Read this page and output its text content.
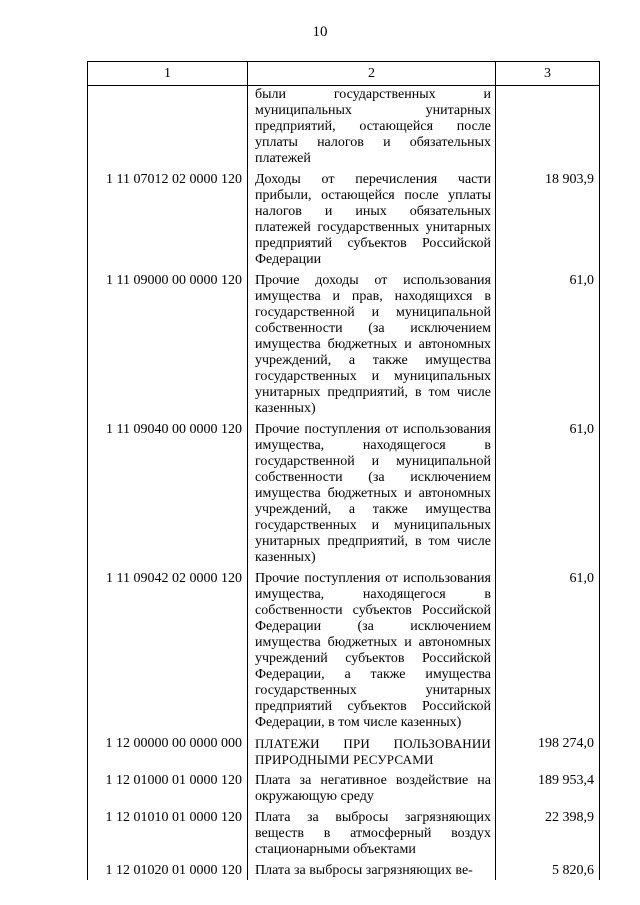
10
1	2	3
	были государственных и муниципальных унитарных предприятий, остающейся после уплаты налогов и обязательных платежей	
1 11 07012 02 0000 120	Доходы от перечисления части прибыли, остающейся после уплаты налогов и иных обязательных платежей государственных унитарных предприятий субъектов Российской Федерации	18 903,9
1 11 09000 00 0000 120	Прочие доходы от использования имущества и прав, находящихся в государственной и муниципальной собственности (за исключением имущества бюджетных и автономных учреждений, а также имущества государственных и муниципальных унитарных предприятий, в том числе казенных)	61,0
1 11 09040 00 0000 120	Прочие поступления от использования имущества, находящегося в государственной и муниципальной собственности (за исключением имущества бюджетных и автономных учреждений, а также имущества государственных и муниципальных унитарных предприятий, в том числе казенных)	61,0
1 11 09042 02 0000 120	Прочие поступления от использования имущества, находящегося в собственности субъектов Российской Федерации (за исключением имущества бюджетных и автономных учреждений субъектов Российской Федерации, а также имущества государственных унитарных предприятий субъектов Российской Федерации, в том числе казенных)	61,0
1 12 00000 00 0000 000	ПЛАТЕЖИ ПРИ ПОЛЬЗОВАНИИ ПРИРОДНЫМИ РЕСУРСАМИ	198 274,0
1 12 01000 01 0000 120	Плата за негативное воздействие на окружающую среду	189 953,4
1 12 01010 01 0000 120	Плата за выбросы загрязняющих веществ в атмосферный воздух стационарными объектами	22 398,9
1 12 01020 01 0000 120	Плата за выбросы загрязняющих ве-	5 820,6
